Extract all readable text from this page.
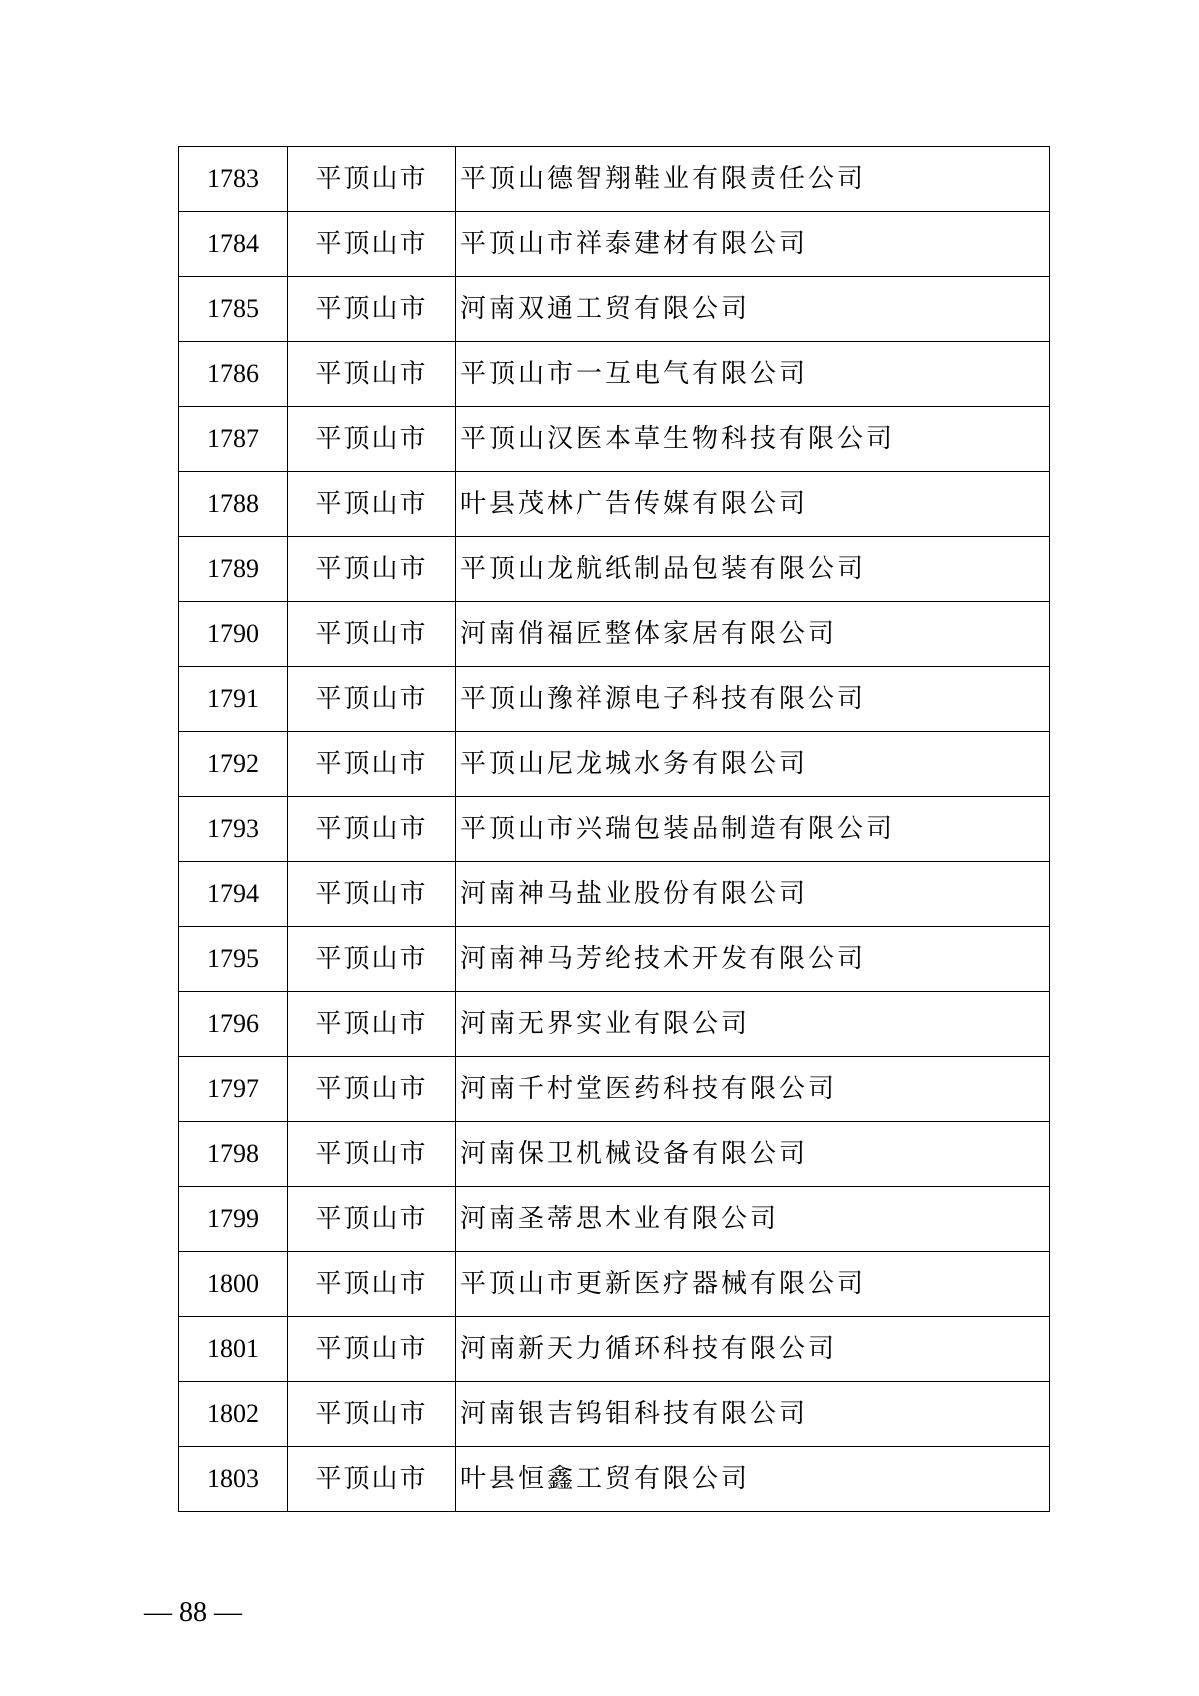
1783	平顶山市	平顶山德智翔鞋业有限责任公司
1784	平顶山市	平顶山市祥泰建材有限公司
1785	平顶山市	河南双通工贸有限公司
1786	平顶山市	平顶山市一互电气有限公司
1787	平顶山市	平顶山汉医本草生物科技有限公司
1788	平顶山市	叶县茂林广告传媒有限公司
1789	平顶山市	平顶山龙航纸制品包装有限公司
1790	平顶山市	河南俏福匠整体家居有限公司
1791	平顶山市	平顶山豫祥源电子科技有限公司
1792	平顶山市	平顶山尼龙城水务有限公司
1793	平顶山市	平顶山市兴瑞包装品制造有限公司
1794	平顶山市	河南神马盐业股份有限公司
1795	平顶山市	河南神马芳纶技术开发有限公司
1796	平顶山市	河南无界实业有限公司
1797	平顶山市	河南千村堂医药科技有限公司
1798	平顶山市	河南保卫机械设备有限公司
1799	平顶山市	河南圣蒂思木业有限公司
1800	平顶山市	平顶山市更新医疗器械有限公司
1801	平顶山市	河南新天力循环科技有限公司
1802	平顶山市	河南银吉钨钼科技有限公司
1803	平顶山市	叶县恒鑫工贸有限公司
— 88 —
